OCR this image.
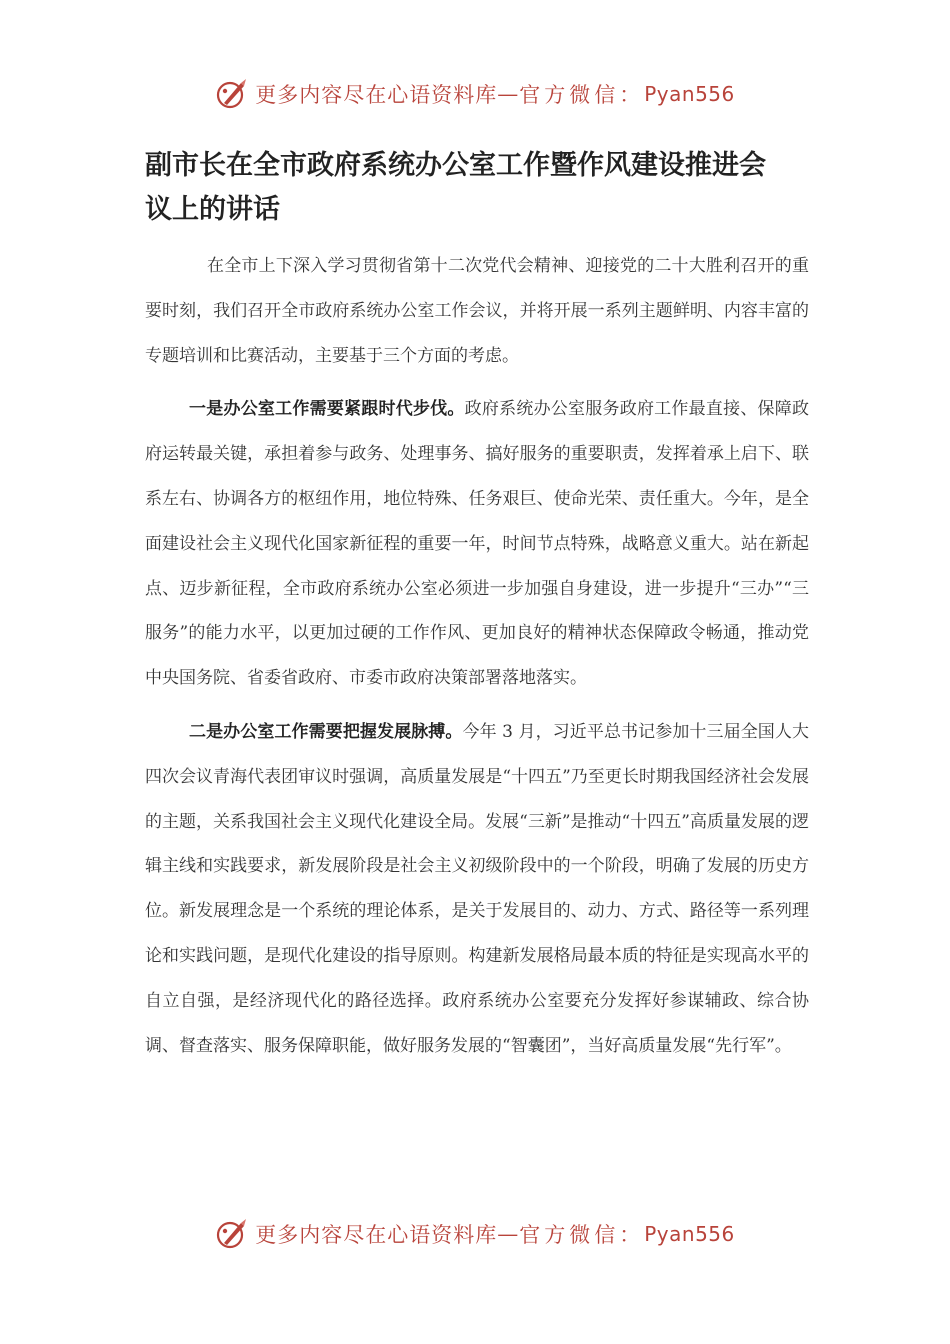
更多内容尽在心语资料库 — 官方微信： Pyan556
副市长在全市政府系统办公室工作暨作风建设推进会议上的讲话

在全市上下深入学习贯彻省第十二次党代会精神、迎接党的二十大胜利召开的重要时刻，我们召开全市政府系统办公室工作会议，并将开展一系列主题鲜明、内容丰富的专题培训和比赛活动，主要基于三个方面的考虑。

一是办公室工作需要紧跟时代步伐。政府系统办公室服务政府工作最直接、保障政府运转最关键，承担着参与政务、处理事务、搞好服务的重要职责，发挥着承上启下、联系左右、协调各方的枢纽作用，地位特殊、任务艰巨、使命光荣、责任重大。今年，是全面建设社会主义现代化国家新征程的重要一年，时间节点特殊，战略意义重大。站在新起点、迈步新征程，全市政府系统办公室必须进一步加强自身建设，进一步提升“三办”“三服务”的能力水平，以更加过硬的工作作风、更加良好的精神状态保障政令畅通，推动党中央国务院、省委省政府、市委市政府决策部署落地落实。

二是办公室工作需要把握发展脉搏。今年 3 月，习近平总书记参加十三届全国人大四次会议青海代表团审议时强调，高质量发展是“十四五”乃至更长时期我国经济社会发展的主题，关系我国社会主义现代化建设全局。发展“三新”是推动“十四五”高质量发展的逻辑主线和实践要求，新发展阶段是社会主义初级阶段中的一个阶段，明确了发展的历史方位。新发展理念是一个系统的理论体系，是关于发展目的、动力、方式、路径等一系列理论和实践问题，是现代化建设的指导原则。构建新发展格局最本质的特征是实现高水平的自立自强，是经济现代化的路径选择。政府系统办公室要充分发挥好参谋辅政、综合协调、督查落实、服务保障职能，做好服务发展的“智囊团”，当好高质量发展“先行军”。

更多内容尽在心语资料库 — 官方微信： Pyan556
